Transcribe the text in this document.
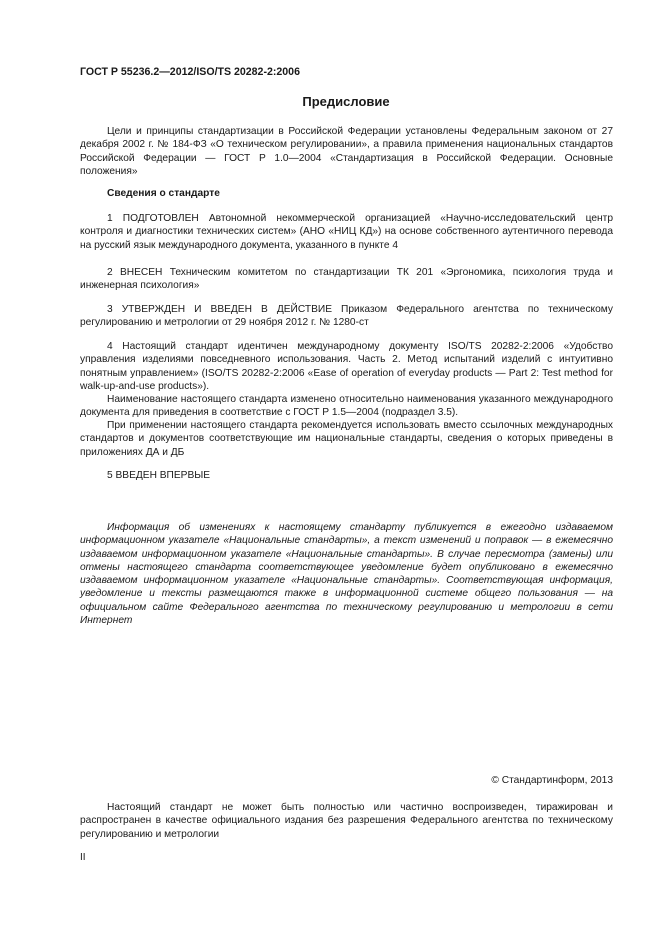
ГОСТ Р 55236.2—2012/ISO/TS 20282-2:2006
Предисловие

Цели и принципы стандартизации в Российской Федерации установлены Федеральным законом от 27 декабря 2002 г. № 184-ФЗ «О техническом регулировании», а правила применения национальных стандартов Российской Федерации — ГОСТ Р 1.0—2004 «Стандартизация в Российской Федерации. Основные положения»

Сведения о стандарте

1 ПОДГОТОВЛЕН Автономной некоммерческой организацией «Научно-исследовательский центр контроля и диагностики технических систем» (АНО «НИЦ КД») на основе собственного аутентичного перевода на русский язык международного документа, указанного в пункте 4

2 ВНЕСЕН Техническим комитетом по стандартизации ТК 201 «Эргономика, психология труда и инженерная психология»

3 УТВЕРЖДЕН И ВВЕДЕН В ДЕЙСТВИЕ Приказом Федерального агентства по техническому регулированию и метрологии от 29 ноября 2012 г. № 1280-ст

4 Настоящий стандарт идентичен международному документу ISO/TS 20282-2:2006 «Удобство управления изделиями повседневного использования. Часть 2. Метод испытаний изделий с интуитивно понятным управлением» (ISO/TS 20282-2:2006 «Ease of operation of everyday products — Part 2: Test method for walk-up-and-use products»).

Наименование настоящего стандарта изменено относительно наименования указанного международного документа для приведения в соответствие с ГОСТ Р 1.5—2004 (подраздел 3.5).

При применении настоящего стандарта рекомендуется использовать вместо ссылочных международных стандартов и документов соответствующие им национальные стандарты, сведения о которых приведены в приложениях ДА и ДБ

5 ВВЕДЕН ВПЕРВЫЕ

Информация об изменениях к настоящему стандарту публикуется в ежегодно издаваемом информационном указателе «Национальные стандарты», а текст изменений и поправок — в ежемесячно издаваемом информационном указателе «Национальные стандарты». В случае пересмотра (замены) или отмены настоящего стандарта соответствующее уведомление будет опубликовано в ежемесячно издаваемом информационном указателе «Национальные стандарты». Соответствующая информация, уведомление и тексты размещаются также в информационной системе общего пользования — на официальном сайте Федерального агентства по техническому регулированию и метрологии в сети Интернет

© Стандартинформ, 2013

Настоящий стандарт не может быть полностью или частично воспроизведен, тиражирован и распространен в качестве официального издания без разрешения Федерального агентства по техническому регулированию и метрологии

II
